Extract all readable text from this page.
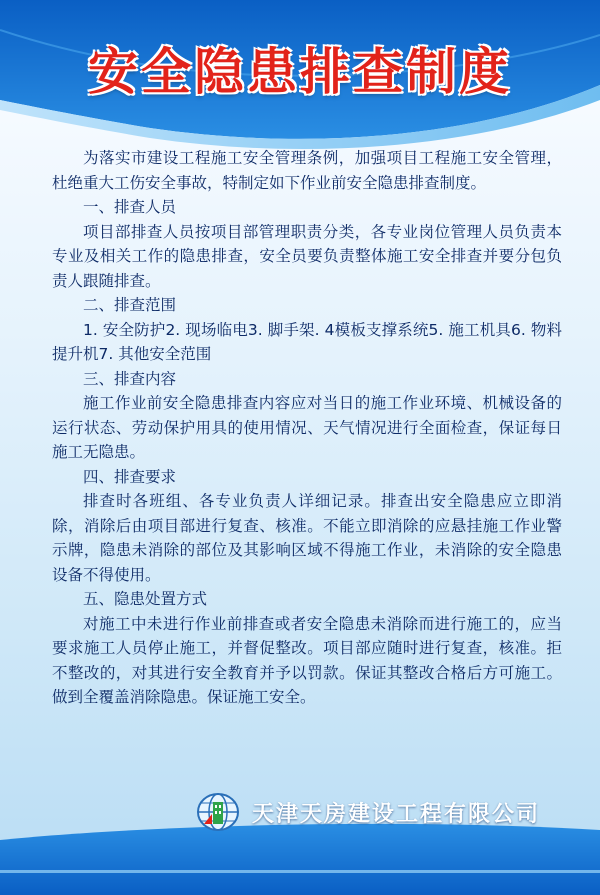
安全隐患排查制度

为落实市建设工程施工安全管理条例，加强项目工程施工安全管理，杜绝重大工伤安全事故，特制定如下作业前安全隐患排查制度。

一、排查人员

项目部排查人员按项目部管理职责分类，各专业岗位管理人员负责本专业及相关工作的隐患排查，安全员要负责整体施工安全排查并要分包负责人跟随排查。

二、排查范围

1. 安全防护2. 现场临电3. 脚手架. 4模板支撑系统5. 施工机具6. 物料提升机7. 其他安全范围

三、排查内容

施工作业前安全隐患排查内容应对当日的施工作业环境、机械设备的运行状态、劳动保护用具的使用情况、天气情况进行全面检查，保证每日施工无隐患。

四、排查要求

排查时各班组、各专业负责人详细记录。排查出安全隐患应立即消除，消除后由项目部进行复查、核准。不能立即消除的应悬挂施工作业警示牌，隐患未消除的部位及其影响区域不得施工作业，未消除的安全隐患设备不得使用。

五、隐患处置方式

对施工中未进行作业前排查或者安全隐患未消除而进行施工的，应当要求施工人员停止施工，并督促整改。项目部应随时进行复查，核准。拒不整改的，对其进行安全教育并予以罚款。保证其整改合格后方可施工。做到全覆盖消除隐患。保证施工安全。

天津天房建设工程有限公司
